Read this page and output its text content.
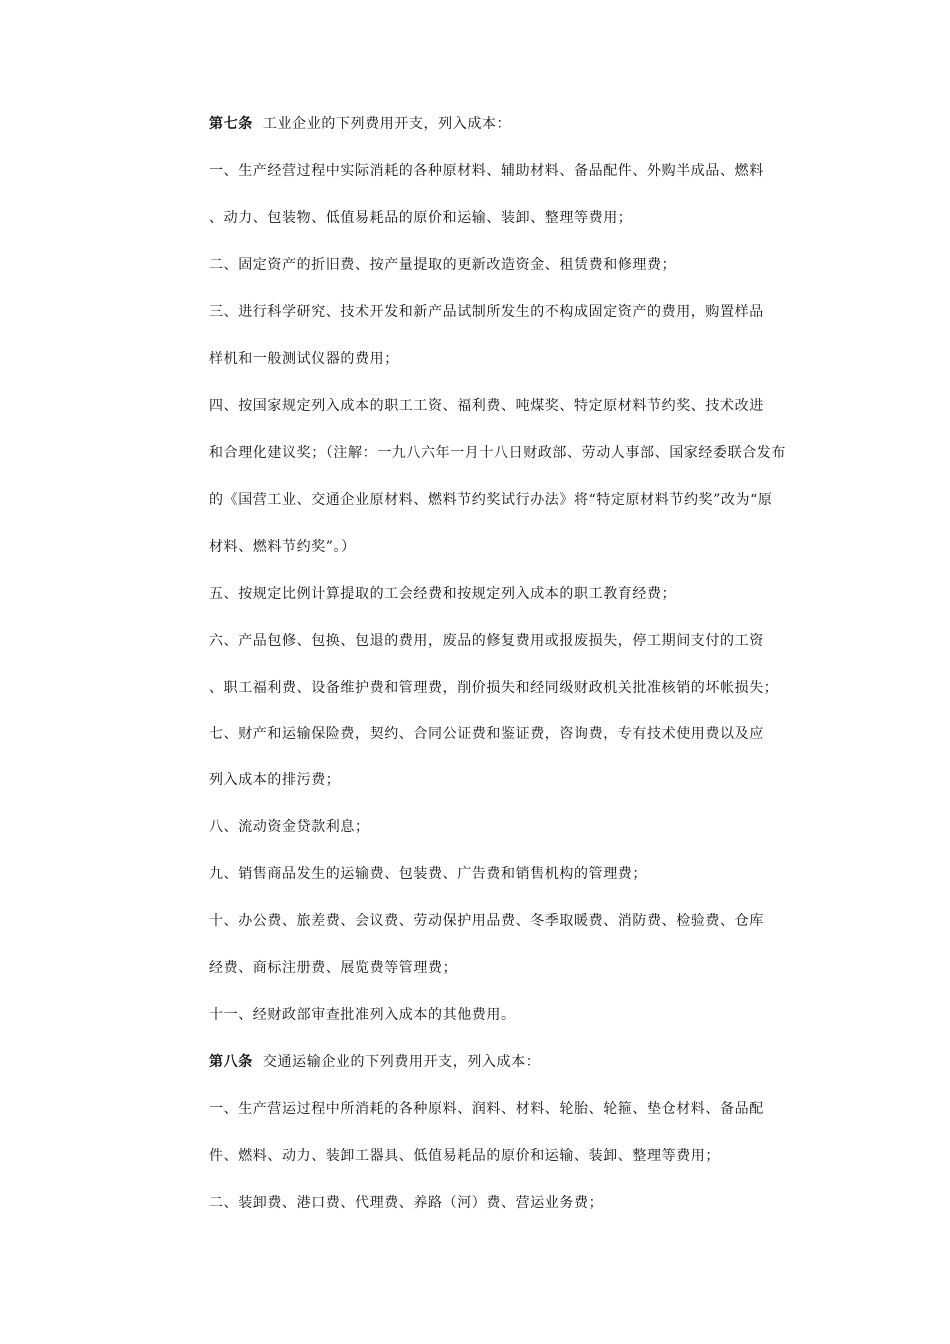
第七条 工业企业的下列费用开支，列入成本：
一、生产经营过程中实际消耗的各种原材料、辅助材料、备品配件、外购半成品、燃料
、动力、包装物、低值易耗品的原价和运输、装卸、整理等费用；
二、固定资产的折旧费、按产量提取的更新改造资金、租赁费和修理费；
三、进行科学研究、技术开发和新产品试制所发生的不构成固定资产的费用，购置样品
样机和一般测试仪器的费用；
四、按国家规定列入成本的职工工资、福利费、吨煤奖、特定原材料节约奖、技术改进
和合理化建议奖；（注解：一九八六年一月十八日财政部、劳动人事部、国家经委联合发布
的《国营工业、交通企业原材料、燃料节约奖试行办法》将“特定原材料节约奖”改为“原
材料、燃料节约奖”。）
五、按规定比例计算提取的工会经费和按规定列入成本的职工教育经费；
六、产品包修、包换、包退的费用，废品的修复费用或报废损失，停工期间支付的工资
、职工福利费、设备维护费和管理费，削价损失和经同级财政机关批准核销的坏帐损失；
七、财产和运输保险费，契约、合同公证费和鉴证费，咨询费，专有技术使用费以及应
列入成本的排污费；
八、流动资金贷款利息；
九、销售商品发生的运输费、包装费、广告费和销售机构的管理费；
十、办公费、旅差费、会议费、劳动保护用品费、冬季取暖费、消防费、检验费、仓库
经费、商标注册费、展览费等管理费；
十一、经财政部审查批准列入成本的其他费用。
第八条 交通运输企业的下列费用开支，列入成本：
一、生产营运过程中所消耗的各种原料、润料、材料、轮胎、轮箍、垫仓材料、备品配
件、燃料、动力、装卸工器具、低值易耗品的原价和运输、装卸、整理等费用；
二、装卸费、港口费、代理费、养路（河）费、营运业务费；
